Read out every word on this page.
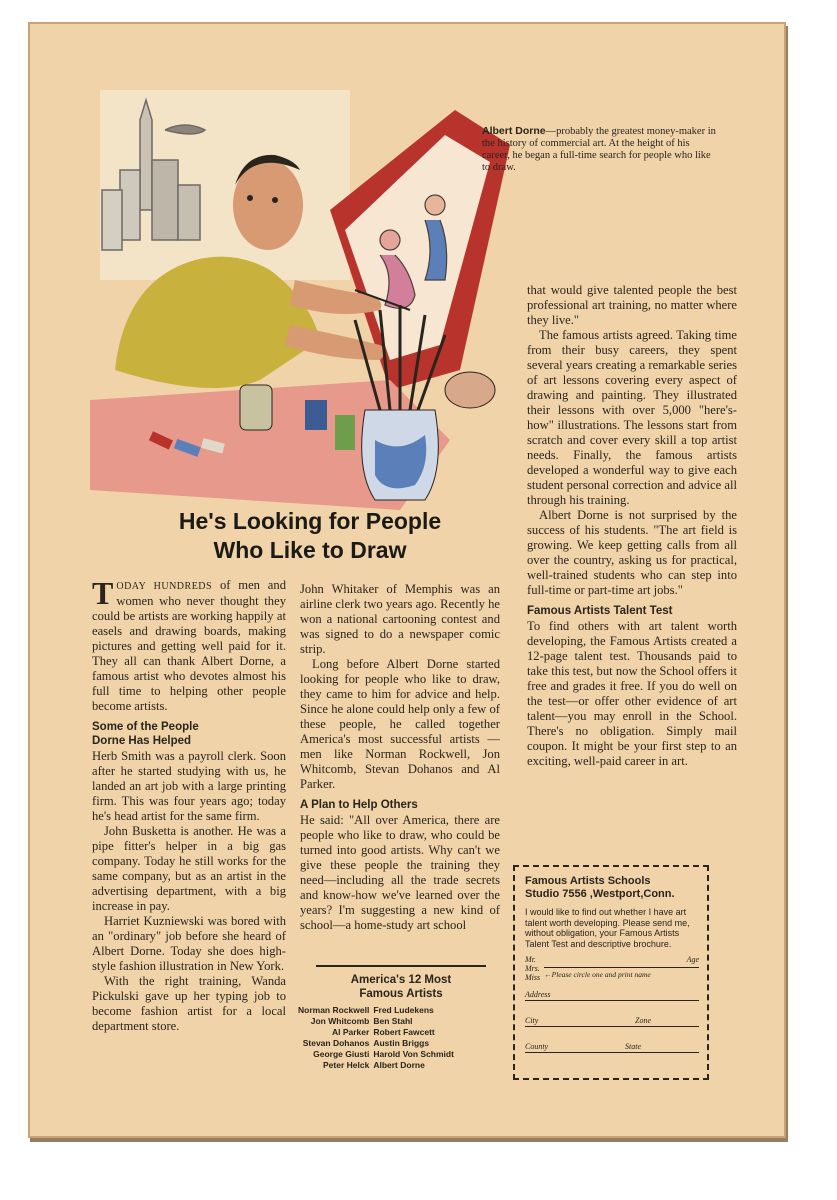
Albert Dorne—probably the greatest money-maker in the history of commercial art. At the height of his career, he began a full-time search for people who like to draw.
He's Looking for People
Who Like to Draw

TODAY HUNDREDS of men and women who never thought they could be artists are working happily at easels and drawing boards, making pictures and getting well paid for it. They all can thank Albert Dorne, a famous artist who devotes almost his full time to helping other people become artists.

Some of the People
Dorne Has Helped

Herb Smith was a payroll clerk. Soon after he started studying with us, he landed an art job with a large printing firm. This was four years ago; today he's head artist for the same firm.

John Busketta is another. He was a pipe fitter's helper in a big gas company. Today he still works for the same company, but as an artist in the advertising department, with a big increase in pay.

Harriet Kuzniewski was bored with an "ordinary" job before she heard of Albert Dorne. Today she does high-style fashion illustration in New York.

With the right training, Wanda Pickulski gave up her typing job to become fashion artist for a local department store.

John Whitaker of Memphis was an airline clerk two years ago. Recently he won a national cartooning contest and was signed to do a newspaper comic strip.

Long before Albert Dorne started looking for people who like to draw, they came to him for advice and help. Since he alone could help only a few of these people, he called together America's most successful artists —men like Norman Rockwell, Jon Whitcomb, Stevan Dohanos and Al Parker.

A Plan to Help Others

He said: "All over America, there are people who like to draw, who could be turned into good artists. Why can't we give these people the training they need—including all the trade secrets and know-how we've learned over the years? I'm suggesting a new kind of school—a home-study art school

America's 12 Most
Famous Artists
Norman Rockwell	Fred Ludekens
Jon Whitcomb	Ben Stahl
Al Parker	Robert Fawcett
Stevan Dohanos	Austin Briggs
George Giusti	Harold Von Schmidt
Peter Helck	Albert Dorne

that would give talented people the best professional art training, no matter where they live."

The famous artists agreed. Taking time from their busy careers, they spent several years creating a remarkable series of art lessons covering every aspect of drawing and painting. They illustrated their lessons with over 5,000 "here's-how" illustrations. The lessons start from scratch and cover every skill a top artist needs. Finally, the famous artists developed a wonderful way to give each student personal correction and advice all through his training.

Albert Dorne is not surprised by the success of his students. "The art field is growing. We keep getting calls from all over the country, asking us for practical, well-trained students who can step into full-time or part-time art jobs."

Famous Artists Talent Test

To find others with art talent worth developing, the Famous Artists created a 12-page talent test. Thousands paid to take this test, but now the School offers it free and grades it free. If you do well on the test—or offer other evidence of art talent—you may enroll in the School. There's no obligation. Simply mail coupon. It might be your first step to an exciting, well-paid career in art.

Famous Artists Schools
Studio 7556 ,Westport,Conn.
I would like to find out whether I have art talent worth developing. Please send me, without obligation, your Famous Artists Talent Test and descriptive brochure.
Mr.
Mrs.
Miss
Age
←Please circle one and print name
Address
City	Zone
County	State
